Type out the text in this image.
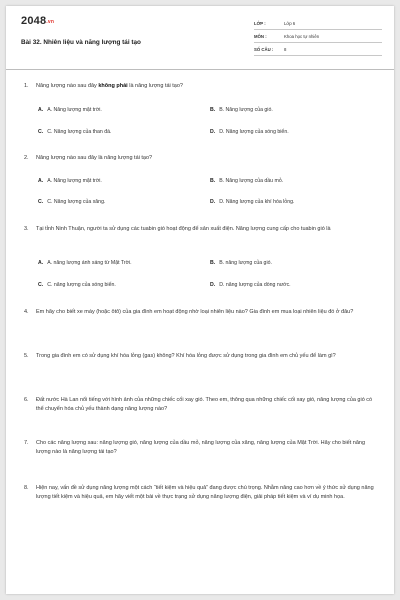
2048.vn
Bài 32. Nhiên liệu và năng lượng tái tạo
LỚP :	Lớp 6
MÔN :	Khoa học tự nhiên
SỐ CÂU : 8
1. Năng lượng nào sau đây không phải là năng lượng tái tạo?
A. A. Năng lượng mặt trời.	B. B. Năng lượng của gió.
C. C. Năng lượng của than đá.	D. D. Năng lượng của sóng biển.
2. Năng lượng nào sau đây là năng lượng tái tạo?
A. A. Năng lượng mặt trời.	B. B. Năng lượng của dầu mỏ.
C. C. Năng lượng của xăng.	D. D. Năng lượng của khí hóa lỏng.
3. Tại tỉnh Ninh Thuận, người ta sử dụng các tuabin gió hoạt động để sản xuất điện. Năng lượng cung cấp cho tuabin gió là
A. A. năng lượng ánh sáng từ Mặt Trời.	B. B. năng lượng của gió.
C. C. năng lượng của sóng biển.	D. D. năng lượng của dòng nước.
4. Em hãy cho biết xe máy (hoặc ôtô) của gia đình em hoạt động nhờ loại nhiên liệu nào? Gia đình em mua loại nhiên liệu đó ở đâu?
5. Trong gia đình em có sử dụng khí hóa lỏng (gas) không? Khí hóa lỏng được sử dụng trong gia đình em chủ yếu để làm gì?
6. Đất nước Hà Lan nổi tiếng với hình ảnh của những chiếc cối xay gió. Theo em, thông qua những chiếc cối xay gió, năng lượng của gió có thể chuyển hóa chủ yếu thành dạng năng lượng nào?
7. Cho các năng lượng sau: năng lượng gió, năng lượng của dầu mỏ, năng lượng của xăng, năng lượng của Mặt Trời. Hãy cho biết năng lượng nào là năng lượng tái tạo?
8. Hiện nay, vấn đề sử dụng năng lượng một cách “tiết kiệm và hiệu quả” đang được chú trọng. Nhằm nâng cao hơn về ý thức sử dụng năng lượng tiết kiệm và hiệu quả, em hãy viết một bài về thực trạng sử dụng năng lượng điện, giải pháp tiết kiệm và ví dụ minh họa.
